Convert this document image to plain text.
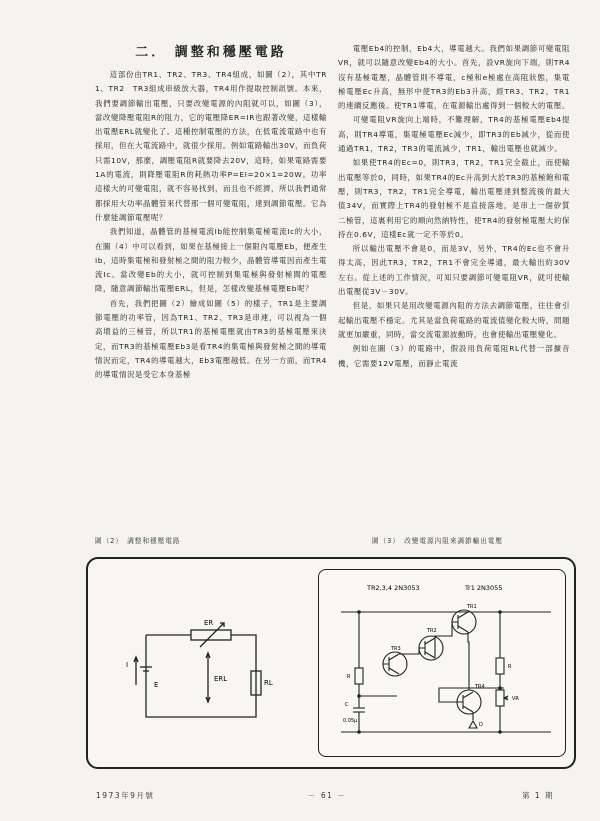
二． 調整和穩壓電路

這部份由TR1、TR2、TR3、TR4組成，如圖（2），其中TR1、TR2　TR3組成串級放大器，TR4用作提取控制訊號。本來，我們要調節輸出電壓，只要改變電源的內阻就可以，如圖（3），當改變降壓電阻R的阻力，它的電壓降ER=IR也跟著改變，這樣輸出電壓ERL就變化了。這種控制電壓的方法，在低電流電路中也有採用，但在大電流路中，就很少採用。例如電路輸出30V，而負荷只需10V，那麼，調壓電阻R就要降去20V，這時，如果電路需要1A的電流，則降壓電阻R的耗熱功率P=EI=20×1=20W。功率這樣大的可變電阻，就不容易找到，而且也不經濟，所以我們通常都採用大功率晶體管來代替那一個可變電阻，達到調節電壓。它為什麼能調節電壓呢？

我們知道，晶體管的基極電流Ib能控制集電極電流Ic的大小，在圖（4）中可以看到，如果在基極接上一個限內電壓Eb，便產生Ib，這時集電極和發射極之間的阻力較少，晶體管導電因而產生電流Ic。當改變Eb的大小，就可控制到集電極與發射極間的電壓降，隨意調節輸出電壓ERL，但是，怎樣改變基極電壓Eb呢？

首先，我們把圖（2）繪成如圖（5）的樣子，TR1是主要調節電壓的功率管，因為TR1、TR2、TR3是串連，可以視為一個高增益的三極管，所以TR1的基極電壓就由TR3的基極電壓來決定，而TR3的基極電壓Eb3是看TR4的集電極與發射極之間的導電情況而定，TR4的導電越大，Eb3電壓越低。在另一方面，而TR4的導電情況是受它本身基極

電壓Eb4的控制，Eb4大，導電越大。我們如果調節可變電阻VR，就可以隨意改變Eb4的大小。首先，設VR旋向下端，則TR4沒有基極電壓，晶體管則不導電，c極和e極處在高阻狀態，集電極電壓Ec升高，無形中使TR3的Eb3升高，經TR3、TR2、TR1的連續反應後。使TR1導電，在電源輸出處得到一個較大的電壓。

可變電阻VR旋向上端時，不難理解，TR4的基極電壓Eb4提高，則TR4導電，集電極電壓Ec減少，即TR3的Eb減少，從而使通過TR1，TR2，TR3的電流減少，TR1，輸出電壓也就減少。

如果使TR4的Ec=0，則TR3，TR2，TR1完全截止，而使輸出電壓等於0，同時，如果TR4的Ec升高到大於TR3的基極飽和電壓，則TR3，TR2，TR1完全導電，輸出電壓達到整流後的最大值34V，而實際上TR4的發射極不是直接落地，是串上一個矽質二極管，這裏利用它的順向然納特性，使TR4的發射極電壓大約保持在0.6V，這樣Ec就一定不等於0。

所以輸出電壓不會是0，而是3V，另外，TR4的Ec也不會升得太高，因此TR3，TR2，TR1不會完全導通，最大輸出約30V左右。從上述的工作情況，可知只要調節可變電阻VR，就可使輸出電壓從3V－30V。

但是，如果只是用改變電源內阻的方法去調節電壓，往往會引起輸出電壓不穩定。尤其是當負荷電路的電流值變化較大時，問題就更加嚴重，同時，當交流電源波動時，也會使輸出電壓變化。

例如在圖（3）的電路中，假設用負荷電阻RL代替一部擴音機，它需要12V電壓，而靜止電流

圖（2）　調整和穩壓電路	圖（3）　改變電源內阻來調節輸出電壓
ER
I
E
ERL	RL
TR2,3,4 2N3053	Tr1 2N3055
TR1
TR2
TR3
TR4
R
VR
C
0.05µ
R
D
1973年9月號	－ 61 －	第 1 期
